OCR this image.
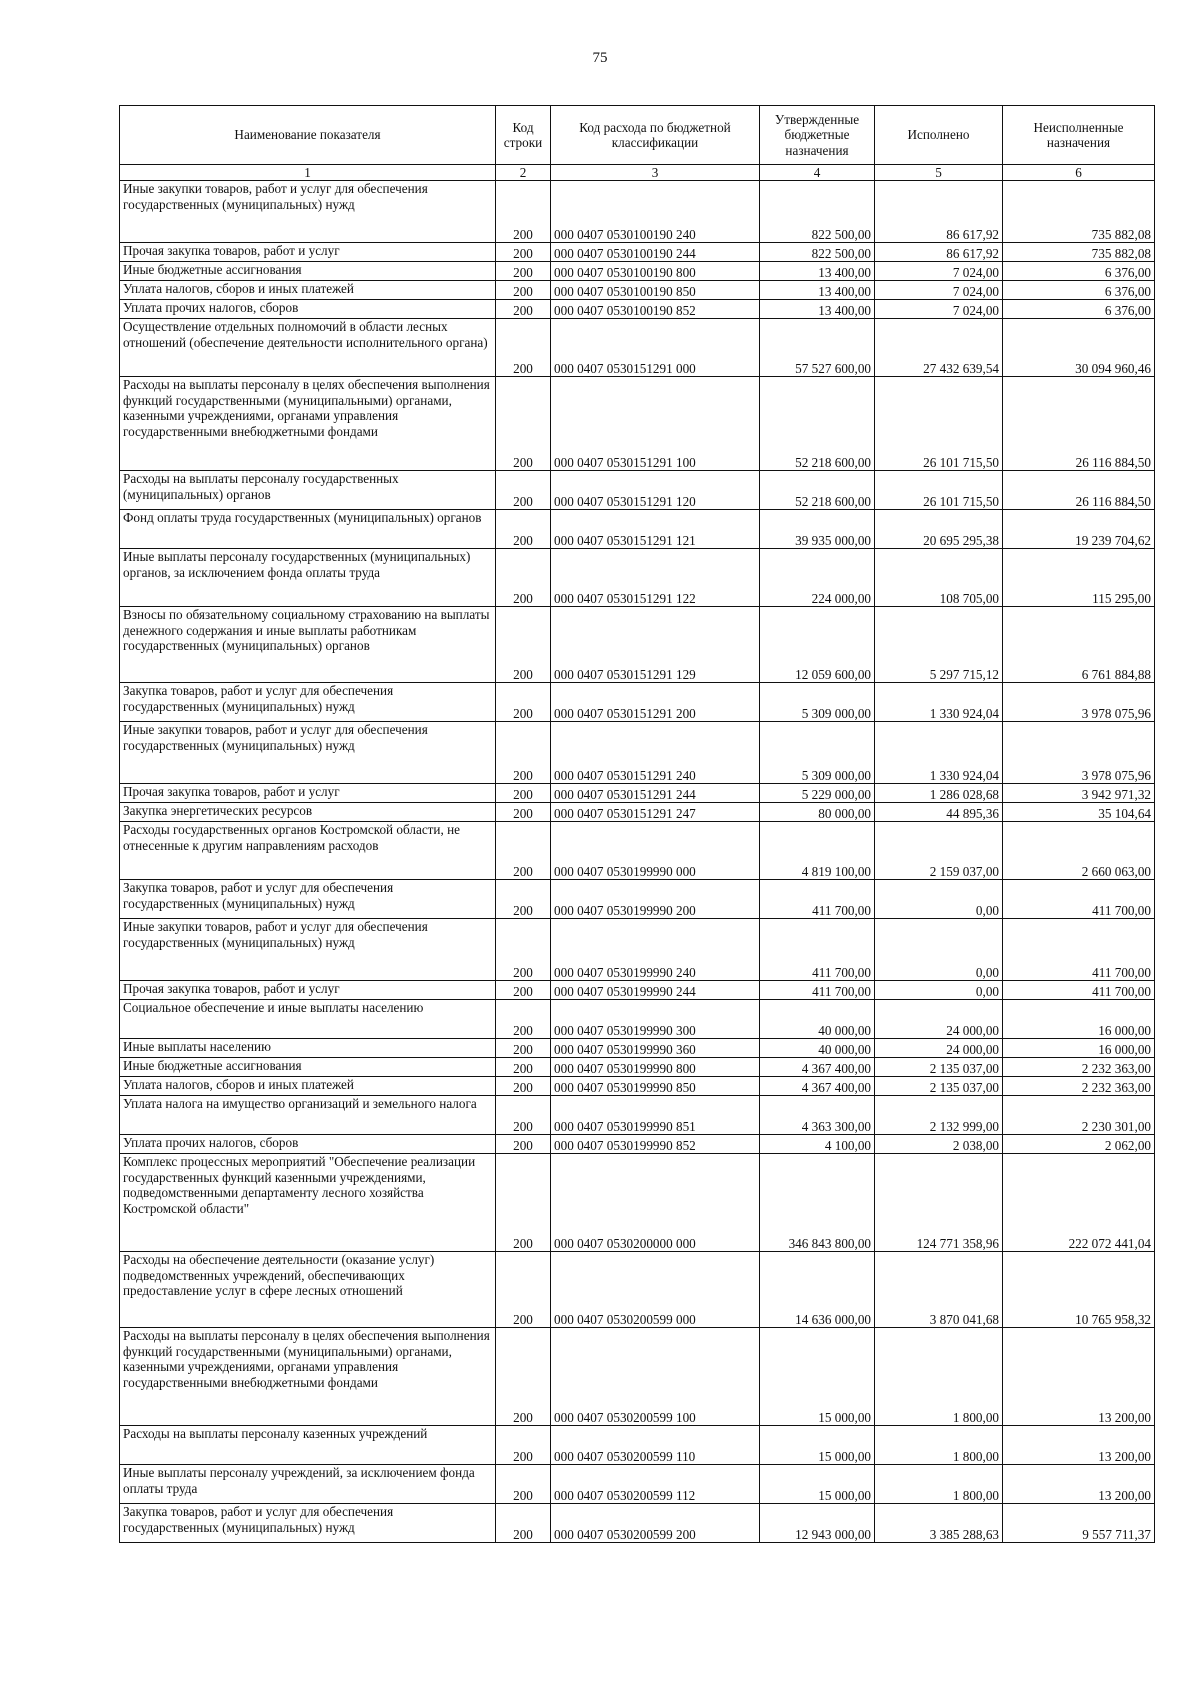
75
Наименование показателя	Код строки	Код расхода по бюджетной классификации	Утвержденные бюджетные назначения	Исполнено	Неисполненные назначения
1	2	3	4	5	6
Иные закупки товаров, работ и услуг для обеспечения государственных (муниципальных) нужд	200	000 0407 0530100190 240	822 500,00	86 617,92	735 882,08
Прочая закупка товаров, работ и услуг	200	000 0407 0530100190 244	822 500,00	86 617,92	735 882,08
Иные бюджетные ассигнования	200	000 0407 0530100190 800	13 400,00	7 024,00	6 376,00
Уплата налогов, сборов и иных платежей	200	000 0407 0530100190 850	13 400,00	7 024,00	6 376,00
Уплата прочих налогов, сборов	200	000 0407 0530100190 852	13 400,00	7 024,00	6 376,00
Осуществление отдельных полномочий в области лесных отношений (обеспечение деятельности исполнительного органа)	200	000 0407 0530151291 000	57 527 600,00	27 432 639,54	30 094 960,46
Расходы на выплаты персоналу в целях обеспечения выполнения функций государственными (муниципальными) органами, казенными учреждениями, органами управления государственными внебюджетными фондами	200	000 0407 0530151291 100	52 218 600,00	26 101 715,50	26 116 884,50
Расходы на выплаты персоналу государственных (муниципальных) органов	200	000 0407 0530151291 120	52 218 600,00	26 101 715,50	26 116 884,50
Фонд оплаты труда государственных (муниципальных) органов	200	000 0407 0530151291 121	39 935 000,00	20 695 295,38	19 239 704,62
Иные выплаты персоналу государственных (муниципальных) органов, за исключением фонда оплаты труда	200	000 0407 0530151291 122	224 000,00	108 705,00	115 295,00
Взносы по обязательному социальному страхованию на выплаты денежного содержания и иные выплаты работникам государственных (муниципальных) органов	200	000 0407 0530151291 129	12 059 600,00	5 297 715,12	6 761 884,88
Закупка товаров, работ и услуг для обеспечения государственных (муниципальных) нужд	200	000 0407 0530151291 200	5 309 000,00	1 330 924,04	3 978 075,96
Иные закупки товаров, работ и услуг для обеспечения государственных (муниципальных) нужд	200	000 0407 0530151291 240	5 309 000,00	1 330 924,04	3 978 075,96
Прочая закупка товаров, работ и услуг	200	000 0407 0530151291 244	5 229 000,00	1 286 028,68	3 942 971,32
Закупка энергетических ресурсов	200	000 0407 0530151291 247	80 000,00	44 895,36	35 104,64
Расходы государственных органов Костромской области, не отнесенные к другим направлениям расходов	200	000 0407 0530199990 000	4 819 100,00	2 159 037,00	2 660 063,00
Закупка товаров, работ и услуг для обеспечения государственных (муниципальных) нужд	200	000 0407 0530199990 200	411 700,00	0,00	411 700,00
Иные закупки товаров, работ и услуг для обеспечения государственных (муниципальных) нужд	200	000 0407 0530199990 240	411 700,00	0,00	411 700,00
Прочая закупка товаров, работ и услуг	200	000 0407 0530199990 244	411 700,00	0,00	411 700,00
Социальное обеспечение и иные выплаты населению	200	000 0407 0530199990 300	40 000,00	24 000,00	16 000,00
Иные выплаты населению	200	000 0407 0530199990 360	40 000,00	24 000,00	16 000,00
Иные бюджетные ассигнования	200	000 0407 0530199990 800	4 367 400,00	2 135 037,00	2 232 363,00
Уплата налогов, сборов и иных платежей	200	000 0407 0530199990 850	4 367 400,00	2 135 037,00	2 232 363,00
Уплата налога на имущество организаций и земельного налога	200	000 0407 0530199990 851	4 363 300,00	2 132 999,00	2 230 301,00
Уплата прочих налогов, сборов	200	000 0407 0530199990 852	4 100,00	2 038,00	2 062,00
Комплекс процессных мероприятий "Обеспечение реализации государственных функций казенными учреждениями, подведомственными департаменту лесного хозяйства Костромской области"	200	000 0407 0530200000 000	346 843 800,00	124 771 358,96	222 072 441,04
Расходы на обеспечение деятельности (оказание услуг) подведомственных учреждений, обеспечивающих предоставление услуг в сфере лесных отношений	200	000 0407 0530200599 000	14 636 000,00	3 870 041,68	10 765 958,32
Расходы на выплаты персоналу в целях обеспечения выполнения функций государственными (муниципальными) органами, казенными учреждениями, органами управления государственными внебюджетными фондами	200	000 0407 0530200599 100	15 000,00	1 800,00	13 200,00
Расходы на выплаты персоналу казенных учреждений	200	000 0407 0530200599 110	15 000,00	1 800,00	13 200,00
Иные выплаты персоналу учреждений, за исключением фонда оплаты труда	200	000 0407 0530200599 112	15 000,00	1 800,00	13 200,00
Закупка товаров, работ и услуг для обеспечения государственных (муниципальных) нужд	200	000 0407 0530200599 200	12 943 000,00	3 385 288,63	9 557 711,37
